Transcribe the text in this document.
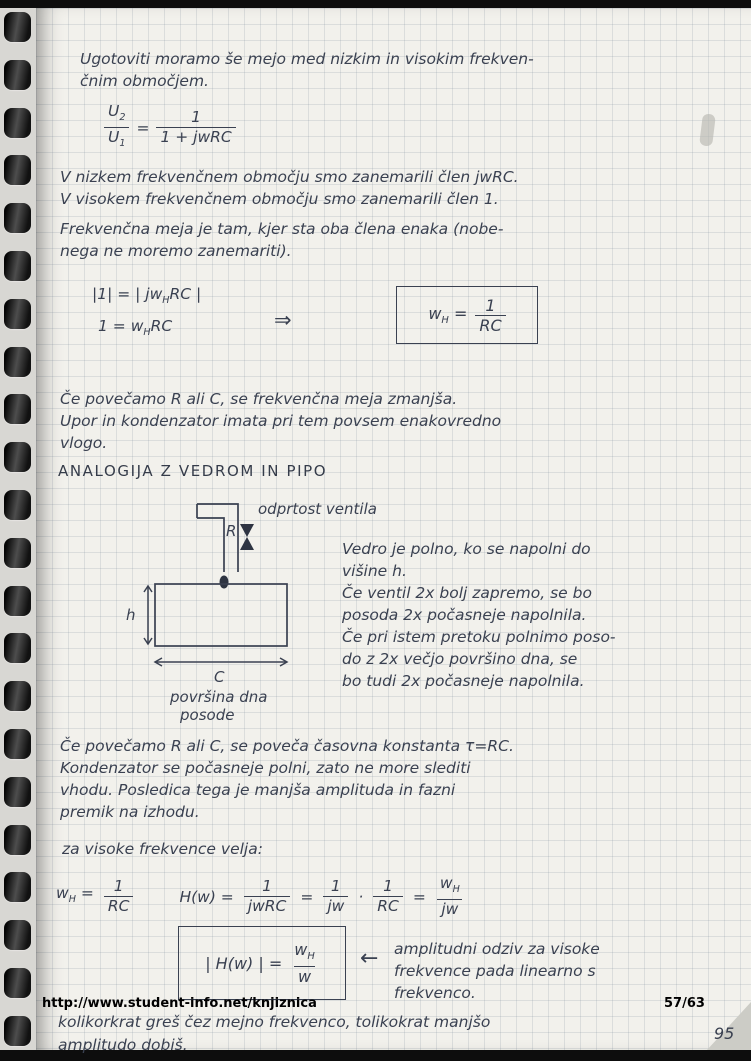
Ugotoviti moramo še mejo med nizkim in visokim frekven-
čnim območjem.
$\frac{U_2}{U_1} = \frac{1}{\text{1 + jwRC}}$
V nizkem frekvenčnem območju smo zanemarili člen jwRC.
V visokem frekvenčnem območju smo zanemarili člen 1.
Frekvenčna meja je tam, kjer sta oba člena enaka (nobe-
nega ne moremo zanemariti).
|1| = | $jw_HRC$ |
$1 = w_HRC$	⇒	$w_H = \frac{1}{RC}$
Če povečamo R ali C, se frekvenčna meja zmanjša.
Upor in kondenzator imata pri tem povsem enakovredno
vlogo.
ANALOGIJA Z VEDROM IN PIPO
odprtost ventila
R
h
C
površina dna
posode
Vedro je polno, ko se napolni do
višine h.
Če ventil 2x bolj zapremo, se bo
posoda 2x počasneje napolnila.
Če pri istem pretoku polnimo poso-
do z 2x večjo površino dna, se
bo tudi 2x počasneje napolnila.
Če povečamo R ali C, se poveča časovna konstanta τ=RC.
Kondenzator se počasneje polni, zato ne more slediti
vhodu. Posledica tega je manjša amplituda in fazni
premik na izhodu.
za visoke frekvence velja:
$w_H = \frac{1}{RC}$	$H(w) = \frac{1}{\text{jwRC}} = \frac{1}{jw} \cdot \frac{1}{RC} = \frac{w_H}{jw}$
| H(w) | = $\frac{w_H}{w}$ ← amplitudni odziv za visoke
frekvence pada linearno s
frekvenco.
http://www.student-info.net/knjiznica	57/63
kolikorkrat greš čez mejno frekvenco, tolikokrat manjšo
amplitudo dobiš.
95
